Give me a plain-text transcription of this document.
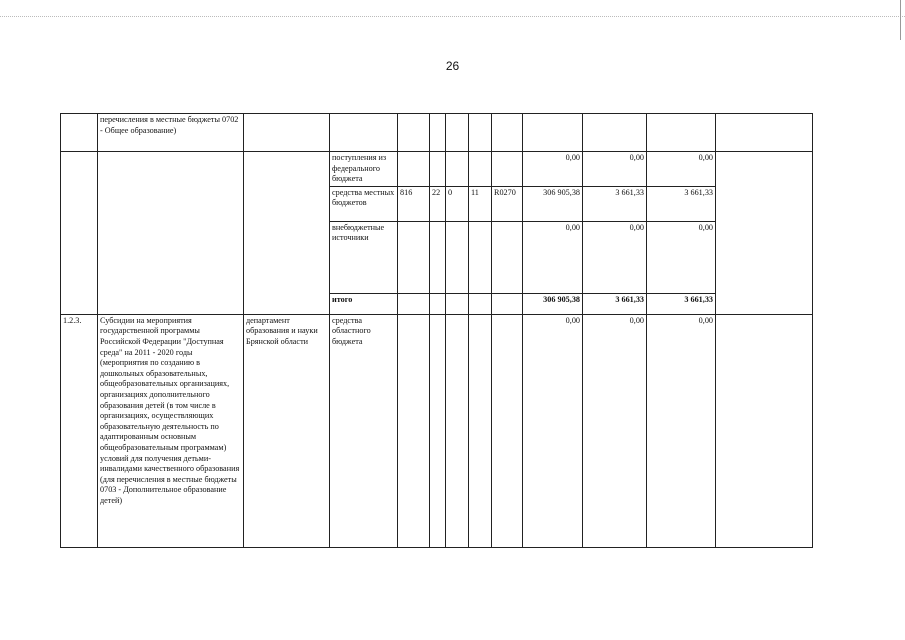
26
	перечисления в местные бюджеты 0702 - Общее образование)											
			поступления из федерального бюджета						0,00	0,00	0,00	
			средства местных бюджетов	816	22	0	11	R0270	306 905,38	3 661,33	3 661,33	
			внебюджетные источники						0,00	0,00	0,00	
			итого						306 905,38	3 661,33	3 661,33	
1.2.3.	Субсидии на мероприятия государственной программы Российской Федерации "Доступная среда" на 2011 - 2020 годы (мероприятия по созданию в дошкольных образовательных, общеобразовательных организациях, организациях дополнительного образования детей (в том числе в организациях, осуществляющих образовательную деятельность по адаптированным основным общеобразовательным программам) условий для получения детьми-инвалидами качественного образования (для перечисления в местные бюджеты 0703 - Дополнительное образование детей)	департамент образования и науки Брянской области	средства областного бюджета						0,00	0,00	0,00	
